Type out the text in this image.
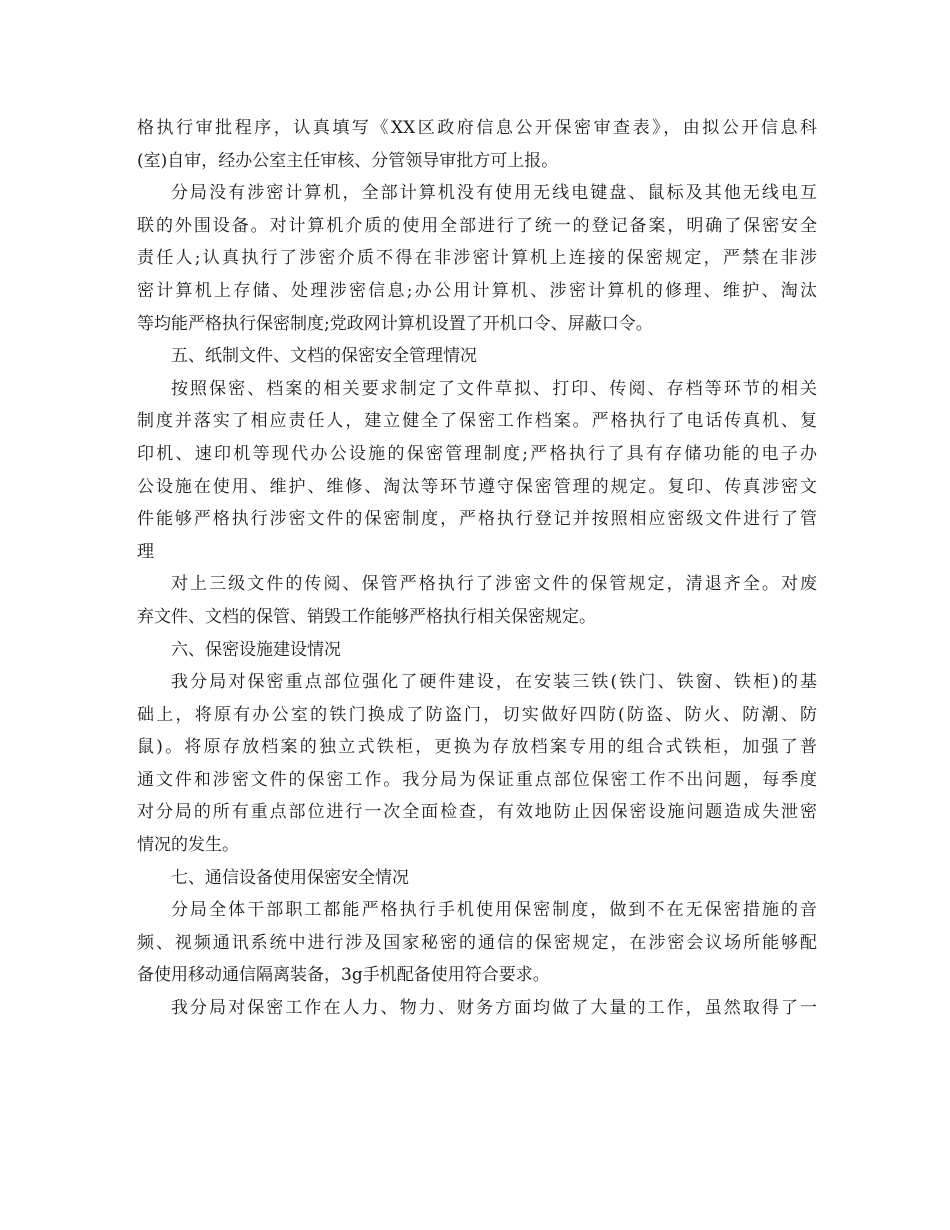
格执行审批程序，认真填写《XX区政府信息公开保密审查表》，由拟公开信息科
(室)自审，经办公室主任审核、分管领导审批方可上报。
分局没有涉密计算机，全部计算机没有使用无线电键盘、鼠标及其他无线电互
联的外围设备。对计算机介质的使用全部进行了统一的登记备案，明确了保密安全
责任人;认真执行了涉密介质不得在非涉密计算机上连接的保密规定，严禁在非涉
密计算机上存储、处理涉密信息;办公用计算机、涉密计算机的修理、维护、淘汰
等均能严格执行保密制度;党政网计算机设置了开机口令、屏蔽口令。
五、纸制文件、文档的保密安全管理情况
按照保密、档案的相关要求制定了文件草拟、打印、传阅、存档等环节的相关
制度并落实了相应责任人，建立健全了保密工作档案。严格执行了电话传真机、复
印机、速印机等现代办公设施的保密管理制度;严格执行了具有存储功能的电子办
公设施在使用、维护、维修、淘汰等环节遵守保密管理的规定。复印、传真涉密文
件能够严格执行涉密文件的保密制度，严格执行登记并按照相应密级文件进行了管
理
对上三级文件的传阅、保管严格执行了涉密文件的保管规定，清退齐全。对废
弃文件、文档的保管、销毁工作能够严格执行相关保密规定。
六、保密设施建设情况
我分局对保密重点部位强化了硬件建设，在安装三铁(铁门、铁窗、铁柜)的基
础上，将原有办公室的铁门换成了防盗门，切实做好四防(防盗、防火、防潮、防
鼠)。将原存放档案的独立式铁柜，更换为存放档案专用的组合式铁柜，加强了普
通文件和涉密文件的保密工作。我分局为保证重点部位保密工作不出问题，每季度
对分局的所有重点部位进行一次全面检查，有效地防止因保密设施问题造成失泄密
情况的发生。
七、通信设备使用保密安全情况
分局全体干部职工都能严格执行手机使用保密制度，做到不在无保密措施的音
频、视频通讯系统中进行涉及国家秘密的通信的保密规定，在涉密会议场所能够配
备使用移动通信隔离装备，3g手机配备使用符合要求。
我分局对保密工作在人力、物力、财务方面均做了大量的工作，虽然取得了一
